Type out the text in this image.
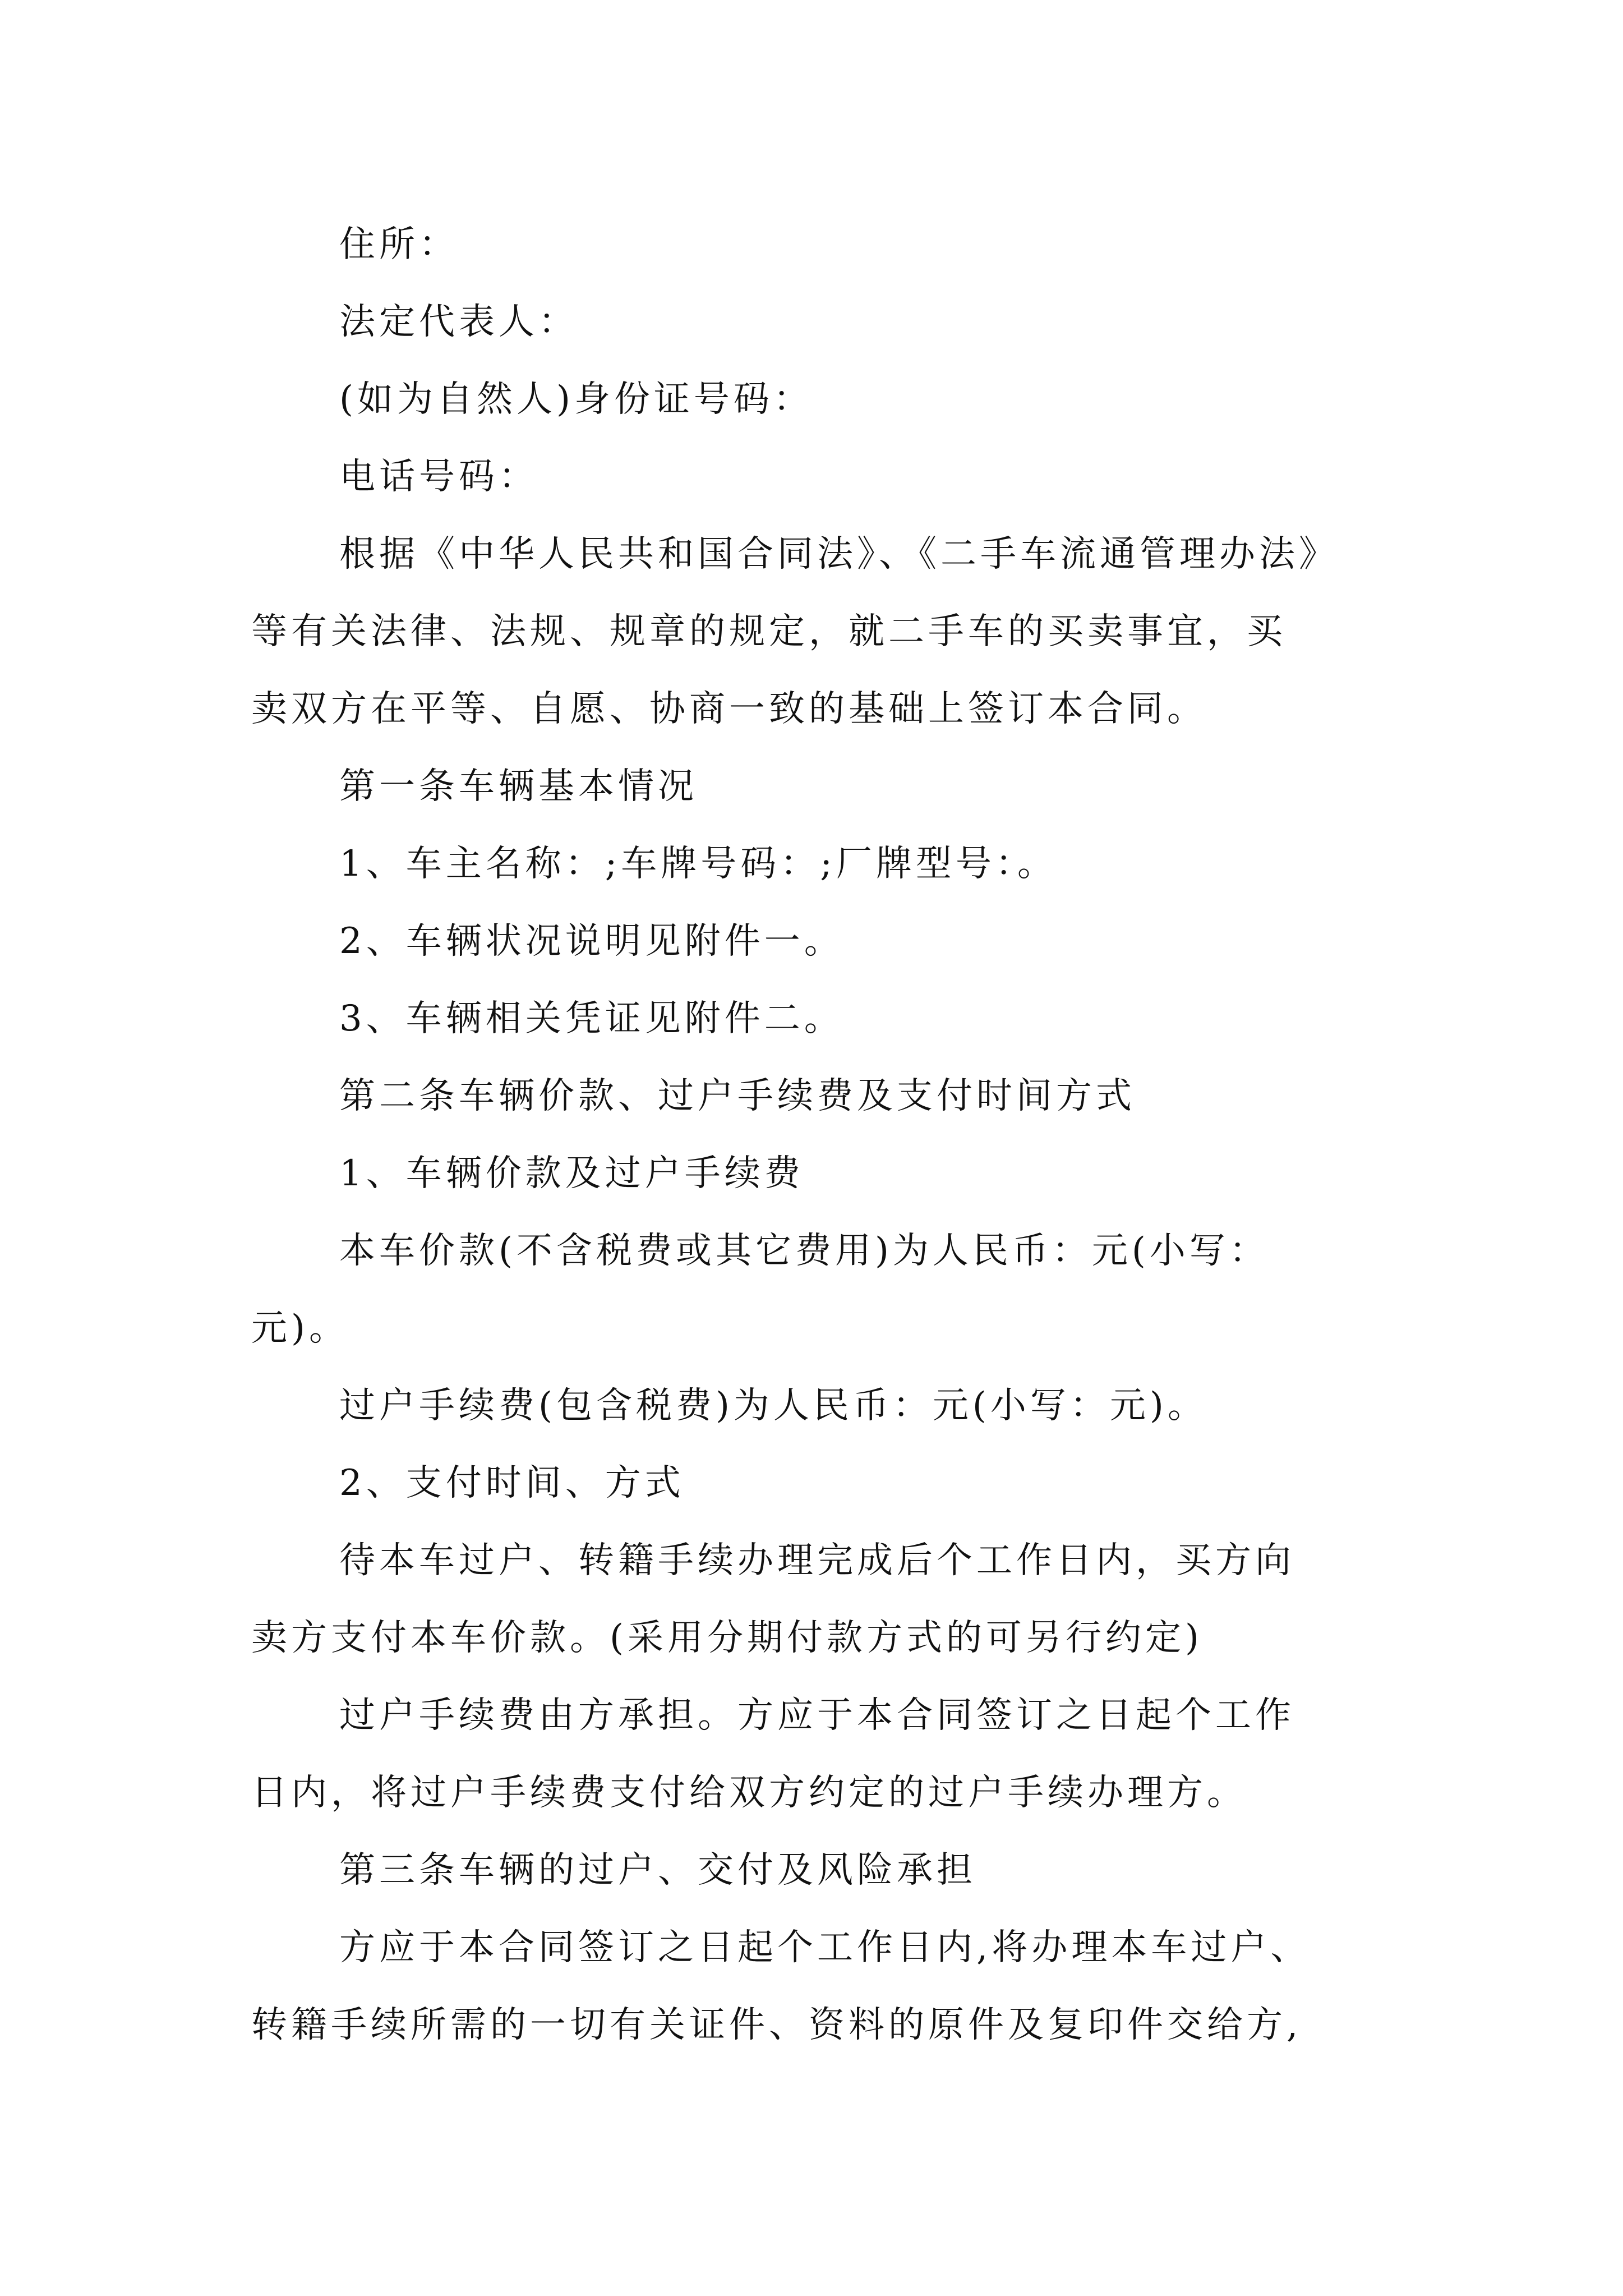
住所：
法定代表人：
(如为自然人)身份证号码：
电话号码：
根据《中华人民共和国合同法》、《二手车流通管理办法》
等有关法律、法规、规章的规定，就二手车的买卖事宜，买
卖双方在平等、自愿、协商一致的基础上签订本合同。
第一条车辆基本情况
1、车主名称：;车牌号码：;厂牌型号：。
2、车辆状况说明见附件一。
3、车辆相关凭证见附件二。
第二条车辆价款、过户手续费及支付时间方式
1、车辆价款及过户手续费
本车价款(不含税费或其它费用)为人民币：元(小写：
元)。
过户手续费(包含税费)为人民币：元(小写：元)。
2、支付时间、方式
待本车过户、转籍手续办理完成后个工作日内，买方向
卖方支付本车价款。(采用分期付款方式的可另行约定)
过户手续费由方承担。方应于本合同签订之日起个工作
日内，将过户手续费支付给双方约定的过户手续办理方。
第三条车辆的过户、交付及风险承担
方应于本合同签订之日起个工作日内,将办理本车过户、
转籍手续所需的一切有关证件、资料的原件及复印件交给方,
